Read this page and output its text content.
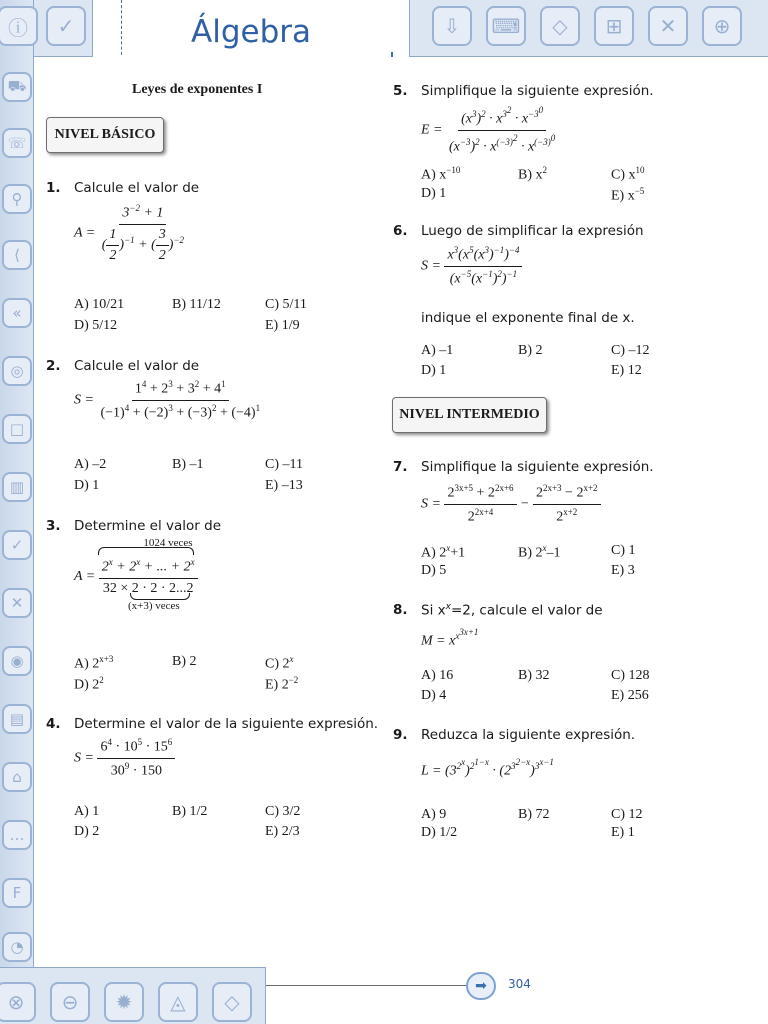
ⓘ	✓	⇩	⌨	◇	⊞	✕	⊕
⛟
☏
⚲
⟨
«
◎
□
▥
✓
✕
◉
▤
⌂
…
F
◔
⊗	⊖	✹	◬	◇
Álgebra
Leyes de exponentes I
NIVEL BÁSICO
1. Calcule el valor de
$A = \frac{3^{-2} + 1}{( \frac{1}{2} )^{-1} + ( \frac{3}{2} )^{-2}}$
A) 10/21	B) 11/12	C) 5/11
D) 5/12	E) 1/9
2. Calcule el valor de
$S = \frac{1^4 + 2^3 + 3^2 + 4^1}{(-1)^4 + (-2)^3 + (-3)^2 + (-4)^1}$
A) –2	B) –1	C) –11
D) 1	E) –13
3. Determine el valor de
1024 veces
$A = \frac{2^x + 2^x + ... + 2^x}{32 \times 2 \cdot 2 \cdot 2...2}$
(x+3) veces
A) $2^{x+3}$	B) 2	C) 2$^x$
D) $2^2$	E) $2^{-2}$
4. Determine el valor de la siguiente expresión.
$S = \frac{6^4 \cdot 10^5 \cdot 15^6}{30^9 \cdot 150}$
A) 1	B) 1/2	C) 3/2
D) 2	E) 2/3
5. Simplifique la siguiente expresión.
$E = \frac{(x^3)^2 \cdot x^{3^2} \cdot x^{-3^0}}{(x^{-3})^2 \cdot x^{(-3)^2} \cdot x^{(-3)^0}}$
A) $x^{-10}$	B) $x^2$	C) $x^{10}$
D) 1	E) $x^{-5}$
6. Luego de simplificar la expresión
$S = \frac{x^3(x^5(x^3)^{-1})^{-4}}{(x^{-5}(x^{-1})^2)^{-1}}$
indique el exponente final de x.
A) –1	B) 2	C) –12
D) 1	E) 12
NIVEL INTERMEDIO
7. Simplifique la siguiente expresión.
$S = \frac{2^{3x+5} + 2^{2x+6}}{2^{2x+4}} - \frac{2^{2x+3} - 2^{x+2}}{2^{x+2}}$
A) $2^x+1$	B) 2$^x$–1	C) 1
D) 5	E) 3
8. Si $x^x=2$, calcule el valor de
$M = x^{x^{3x+1}}$
A) 16	B) 32	C) 128
D) 4	E) 256
9. Reduzca la siguiente expresión.
$L = (3^{2^x})^{2^{1-x}} \cdot (2^{3^{2-x}})^{3^{x-1}}$
A) 9	B) 72	C) 12
D) 1/2	E) 1
➡	304
